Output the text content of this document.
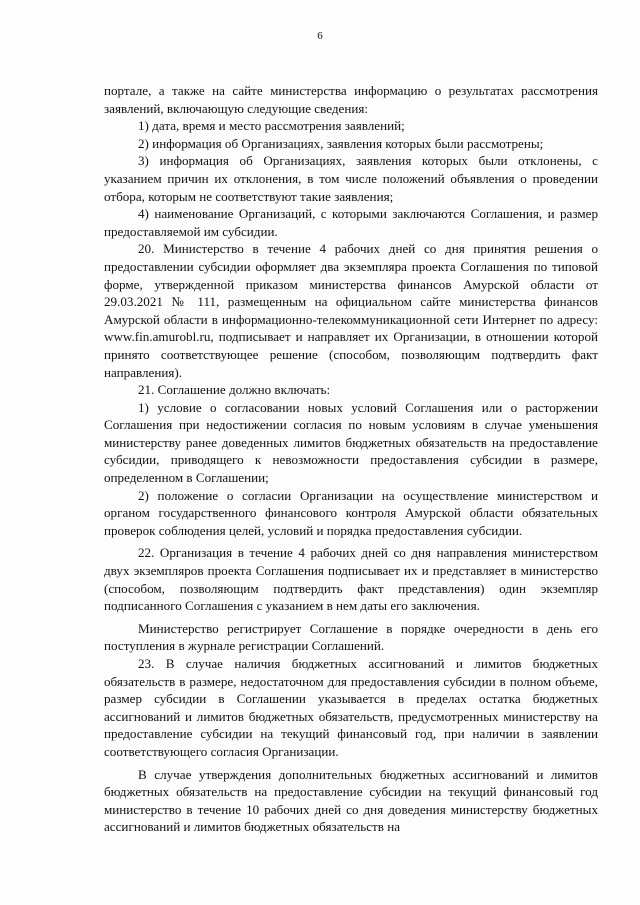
6

порталe, а также на сайте министерства информацию о результатах рассмотрения заявлений, включающую следующие сведения:

1) дата, время и место рассмотрения заявлений;

2) информация об Организациях, заявления которых были рассмотрены;

3) информация об Организациях, заявления которых были отклонены, с указанием причин их отклонения, в том числе положений объявления о проведении отбора, которым не соответствуют такие заявления;

4) наименование Организаций, с которыми заключаются Соглашения, и размер предоставляемой им субсидии.

20. Министерство в течение 4 рабочих дней со дня принятия решения о предоставлении субсидии оформляет два экземпляра проекта Соглашения по типовой форме, утвержденной приказом министерства финансов Амурской области от 29.03.2021 № 111, размещенным на официальном сайте министерства финансов Амурской области в информационно-телекоммуникационной сети Интернет по адресу: www.fin.amurobl.ru, подписывает и направляет их Организации, в отношении которой принято соответствующее решение (способом, позволяющим подтвердить факт направления).

21. Соглашение должно включать:

1) условие о согласовании новых условий Соглашения или о расторжении Соглашения при недостижении согласия по новым условиям в случае уменьшения министерству ранее доведенных лимитов бюджетных обязательств на предоставление субсидии, приводящего к невозможности предоставления субсидии в размере, определенном в Соглашении;

2) положение о согласии Организации на осуществление министерством и органом государственного финансового контроля Амурской области обязательных проверок соблюдения целей, условий и порядка предоставления субсидии.

22. Организация в течение 4 рабочих дней со дня направления министерством двух экземпляров проекта Соглашения подписывает их и представляет в министерство (способом, позволяющим подтвердить факт представления) один экземпляр подписанного Соглашения с указанием в нем даты его заключения.

Министерство регистрирует Соглашение в порядке очередности в день его поступления в журнале регистрации Соглашений.

23. В случае наличия бюджетных ассигнований и лимитов бюджетных обязательств в размере, недостаточном для предоставления субсидии в полном объеме, размер субсидии в Соглашении указывается в пределах остатка бюджетных ассигнований и лимитов бюджетных обязательств, предусмотренных министерству на предоставление субсидии на текущий финансовый год, при наличии в заявлении соответствующего согласия Организации.

В случае утверждения дополнительных бюджетных ассигнований и лимитов бюджетных обязательств на предоставление субсидии на текущий финансовый год министерство в течение 10 рабочих дней со дня доведения министерству бюджетных ассигнований и лимитов бюджетных обязательств на
